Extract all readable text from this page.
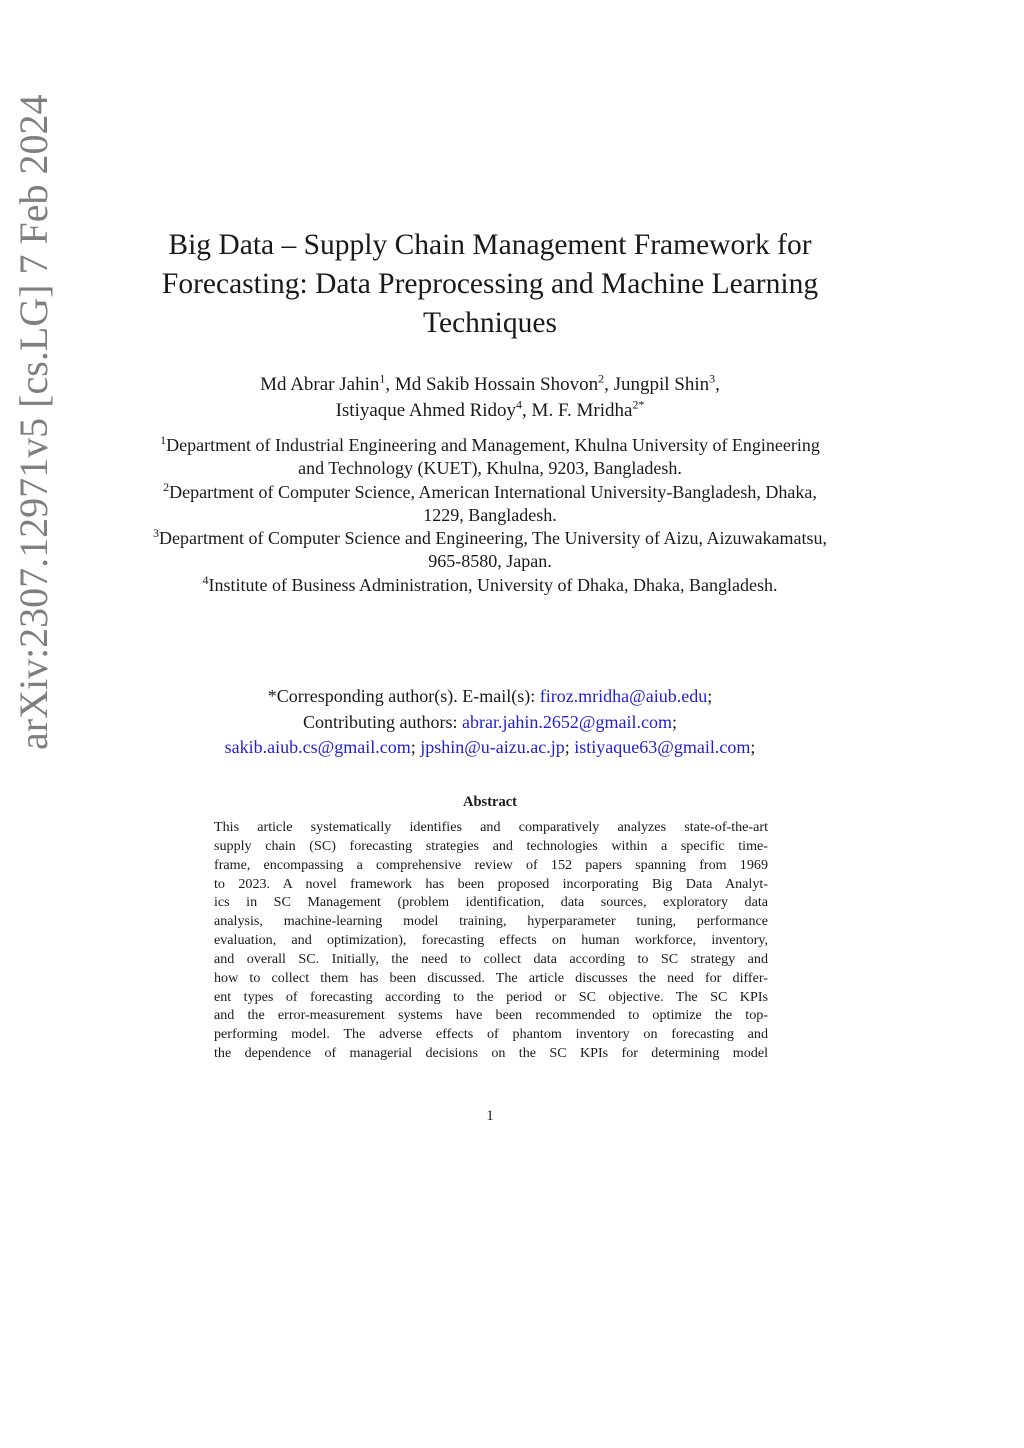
arXiv:2307.12971v5 [cs.LG] 7 Feb 2024	Big Data – Supply Chain Management Framework for Forecasting: Data Preprocessing and Machine Learning Techniques
Md Abrar Jahin$^1$, Md Sakib Hossain Shovon$^2$, Jungpil Shin$^3$,
Istiyaque Ahmed Ridoy$^4$, M. F. Mridha$^{2*}$
$^1$Department of Industrial Engineering and Management, Khulna University of Engineering and Technology (KUET), Khulna, 9203, Bangladesh.
$^2$Department of Computer Science, American International University-Bangladesh, Dhaka, 1229, Bangladesh.
$^3$Department of Computer Science and Engineering, The University of Aizu, Aizuwakamatsu, 965-8580, Japan.
$^4$Institute of Business Administration, University of Dhaka, Dhaka, Bangladesh.
*Corresponding author(s). E-mail(s): firoz.mridha@aiub.edu;
Contributing authors: abrar.jahin.2652@gmail.com;
sakib.aiub.cs@gmail.com; jpshin@u-aizu.ac.jp; istiyaque63@gmail.com;
Abstract
This article systematically identifies and comparatively analyzes state-of-the-art
supply chain (SC) forecasting strategies and technologies within a specific time-
frame, encompassing a comprehensive review of 152 papers spanning from 1969
to 2023. A novel framework has been proposed incorporating Big Data Analyt-
ics in SC Management (problem identification, data sources, exploratory data
analysis, machine-learning model training, hyperparameter tuning, performance
evaluation, and optimization), forecasting effects on human workforce, inventory,
and overall SC. Initially, the need to collect data according to SC strategy and
how to collect them has been discussed. The article discusses the need for differ-
ent types of forecasting according to the period or SC objective. The SC KPIs
and the error-measurement systems have been recommended to optimize the top-
performing model. The adverse effects of phantom inventory on forecasting and
the dependence of managerial decisions on the SC KPIs for determining model
1
